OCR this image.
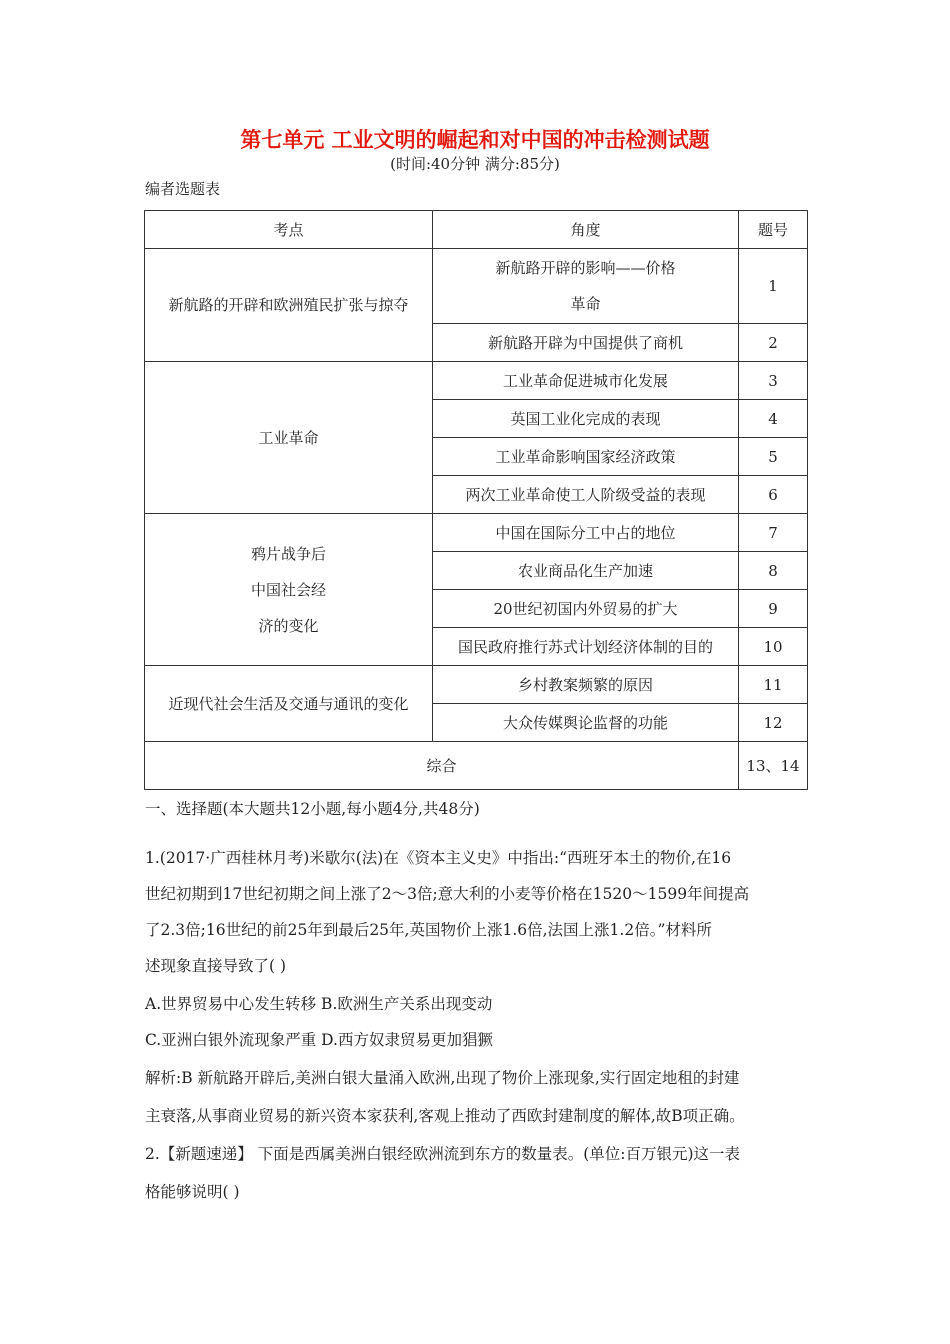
第七单元 工业文明的崛起和对中国的冲击检测试题
(时间:40分钟 满分:85分)
编者选题表
考点	角度	题号

新航路的开辟和欧洲殖民扩张与掠夺	新航路开辟的影响——价格
革命	1

	新航路开辟为中国提供了商机	2

工业革命	工业革命促进城市化发展	3

	英国工业化完成的表现	4

	工业革命影响国家经济政策	5

	两次工业革命使工人阶级受益的表现	6

鸦片战争后
中国社会经
济的变化	中国在国际分工中占的地位	7

	农业商品化生产加速	8

	20世纪初国内外贸易的扩大	9

	国民政府推行苏式计划经济体制的目的	10

近现代社会生活及交通与通讯的变化	乡村教案频繁的原因	11

	大众传媒舆论监督的功能	12
综合		13、14
一、选择题(本大题共12小题,每小题4分,共48分)
1.(2017·广西桂林月考)米歇尔(法)在《资本主义史》中指出:“西班牙本土的物价,在16
世纪初期到17世纪初期之间上涨了2～3倍;意大利的小麦等价格在1520～1599年间提高
了2.3倍;16世纪的前25年到最后25年,英国物价上涨1.6倍,法国上涨1.2倍。”材料所
述现象直接导致了( )
A.世界贸易中心发生转移 B.欧洲生产关系出现变动
C.亚洲白银外流现象严重 D.西方奴隶贸易更加猖獗
解析:B 新航路开辟后,美洲白银大量涌入欧洲,出现了物价上涨现象,实行固定地租的封建
主衰落,从事商业贸易的新兴资本家获利,客观上推动了西欧封建制度的解体,故B项正确。
2.【新题速递】 下面是西属美洲白银经欧洲流到东方的数量表。(单位:百万银元)这一表
格能够说明( )
